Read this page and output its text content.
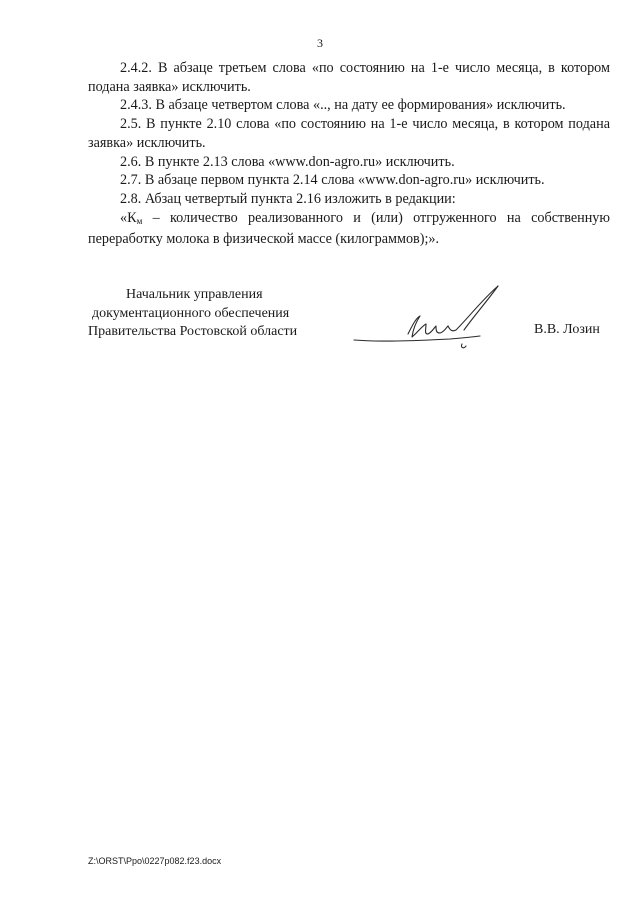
3

2.4.2. В абзаце третьем слова «по состоянию на 1-е число месяца, в котором подана заявка» исключить.

2.4.3. В абзаце четвертом слова «.., на дату ее формирования» исключить.

2.5. В пункте 2.10 слова «по состоянию на 1-е число месяца, в котором подана заявка» исключить.

2.6. В пункте 2.13 слова «www.don-agro.ru» исключить.

2.7. В абзаце первом пункта 2.14 слова «www.don-agro.ru» исключить.

2.8. Абзац четвертый пункта 2.16 изложить в редакции:

«$К_м$ – количество реализованного и (или) отгруженного на собственную переработку молока в физической массе (килограммов);».

Начальник управления
документационного обеспечения
Правительства Ростовской области	В.В. Лозин
Z:\ORST\Ppo\0227p082.f23.docx
